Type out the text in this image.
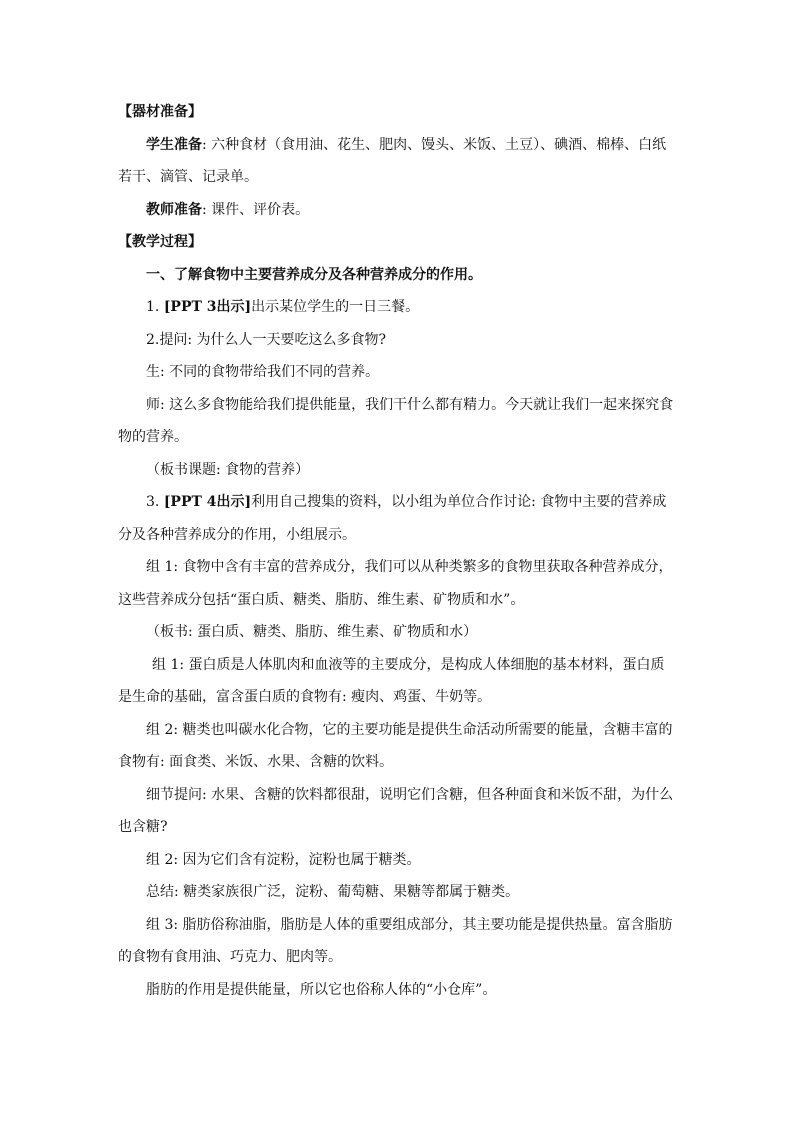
【器材准备】

学生准备: 六种食材（食用油、花生、肥肉、馒头、米饭、土豆）、碘酒、棉棒、白纸若干、滴管、记录单。

教师准备: 课件、评价表。

【教学过程】

一、了解食物中主要营养成分及各种营养成分的作用。

1. [PPT 3出示]出示某位学生的一日三餐。

2.提问: 为什么人一天要吃这么多食物?

生: 不同的食物带给我们不同的营养。

师: 这么多食物能给我们提供能量，我们干什么都有精力。今天就让我们一起来探究食物的营养。

（板书课题: 食物的营养）

3. [PPT 4出示]利用自己搜集的资料，以小组为单位合作讨论: 食物中主要的营养成分及各种营养成分的作用，小组展示。

组 1: 食物中含有丰富的营养成分，我们可以从种类繁多的食物里获取各种营养成分，这些营养成分包括“蛋白质、糖类、脂肪、维生素、矿物质和水”。

（板书: 蛋白质、糖类、脂肪、维生素、矿物质和水）

组 1: 蛋白质是人体肌肉和血液等的主要成分，是构成人体细胞的基本材料，蛋白质是生命的基础，富含蛋白质的食物有: 瘦肉、鸡蛋、牛奶等。

组 2: 糖类也叫碳水化合物，它的主要功能是提供生命活动所需要的能量，含糖丰富的食物有: 面食类、米饭、水果、含糖的饮料。

细节提问: 水果、含糖的饮料都很甜，说明它们含糖，但各种面食和米饭不甜，为什么也含糖?

组 2: 因为它们含有淀粉，淀粉也属于糖类。

总结: 糖类家族很广泛，淀粉、葡萄糖、果糖等都属于糖类。

组 3: 脂肪俗称油脂，脂肪是人体的重要组成部分，其主要功能是提供热量。富含脂肪的食物有食用油、巧克力、肥肉等。

脂肪的作用是提供能量，所以它也俗称人体的“小仓库”。
